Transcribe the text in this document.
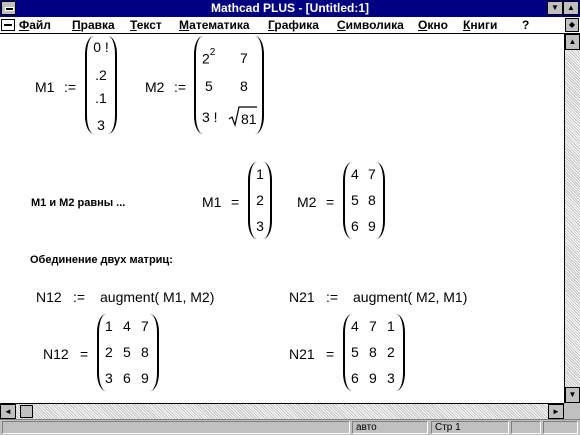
Mathcad PLUS - [Untitled:1]	▼	▲
Файл Правка Текст Математика Графика Символика Окно Книги ?	◆
M1 :=
0 !
.2
.1
3
M2 :=
$2^2$ 7
5 8
3 ! 81
M1 и M2 равны ...	M1 =
1
2
3
M2 =
4 7
5 8
6 9
Обединение двух матриц:
N12 := augment( M1, M2)	N21 := augment( M2, M1)
N12 =
1 4 7
2 5 8
3 6 9
N21 =
4 7 1
5 8 2
6 9 3
▲
▼
◄	►
авто	Стр 1
